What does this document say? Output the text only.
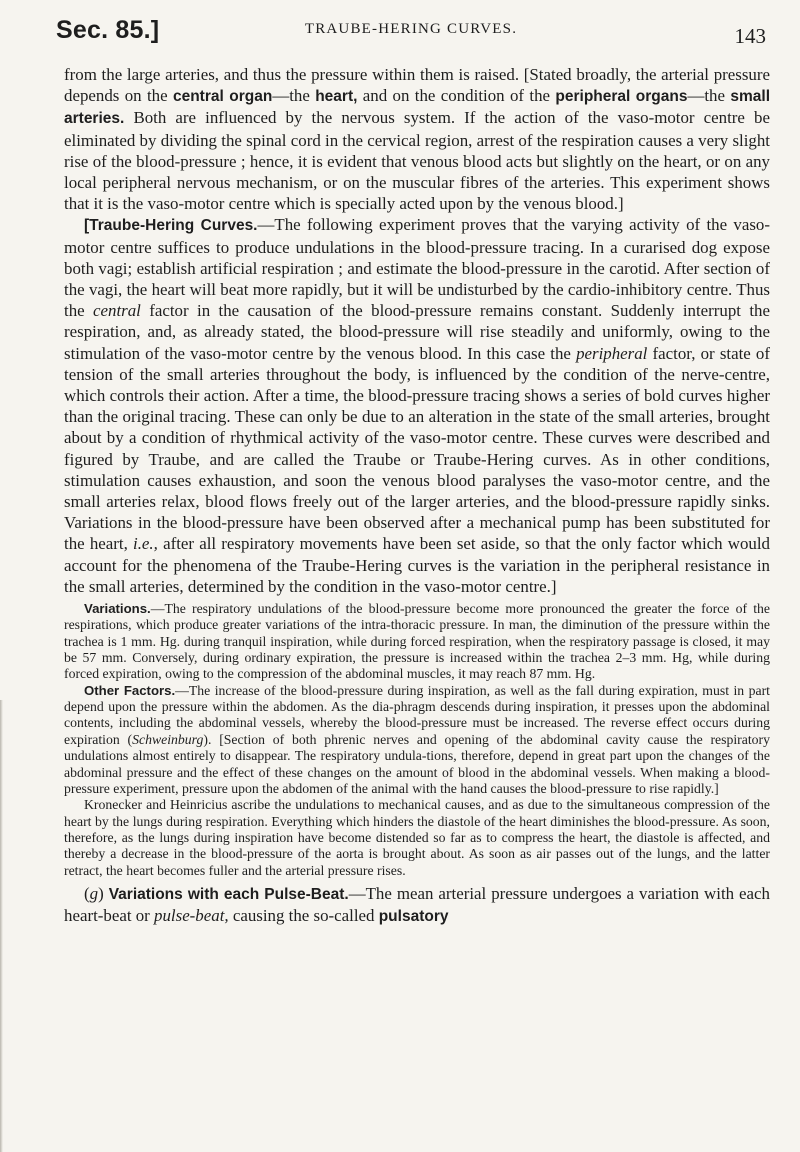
Sec. 85.]	TRAUBE-HERING CURVES.	143

from the large arteries, and thus the pressure within them is raised. [Stated broadly, the arterial pressure depends on the central organ—the heart, and on the condition of the peripheral organs—the small arteries. Both are influenced by the nervous system. If the action of the vaso-motor centre be eliminated by dividing the spinal cord in the cervical region, arrest of the respiration causes a very slight rise of the blood-pressure ; hence, it is evident that venous blood acts but slightly on the heart, or on any local peripheral nervous mechanism, or on the muscular fibres of the arteries. This experiment shows that it is the vaso-motor centre which is specially acted upon by the venous blood.]

[Traube-Hering Curves.—The following experiment proves that the varying activity of the vaso-motor centre suffices to produce undulations in the blood-pressure tracing. In a curarised dog expose both vagi; establish artificial respiration ; and estimate the blood-pressure in the carotid. After section of the vagi, the heart will beat more rapidly, but it will be undisturbed by the cardio-inhibitory centre. Thus the central factor in the causation of the blood-pressure remains constant. Suddenly interrupt the respiration, and, as already stated, the blood-pressure will rise steadily and uniformly, owing to the stimulation of the vaso-motor centre by the venous blood. In this case the peripheral factor, or state of tension of the small arteries throughout the body, is influenced by the condition of the nerve-centre, which controls their action. After a time, the blood-pressure tracing shows a series of bold curves higher than the original tracing. These can only be due to an alteration in the state of the small arteries, brought about by a condition of rhythmical activity of the vaso-motor centre. These curves were described and figured by Traube, and are called the Traube or Traube-Hering curves. As in other conditions, stimulation causes exhaustion, and soon the venous blood paralyses the vaso-motor centre, and the small arteries relax, blood flows freely out of the larger arteries, and the blood-pressure rapidly sinks. Variations in the blood-pressure have been observed after a mechanical pump has been substituted for the heart, i.e., after all respiratory movements have been set aside, so that the only factor which would account for the phenomena of the Traube-Hering curves is the variation in the peripheral resistance in the small arteries, determined by the condition in the vaso-motor centre.]

Variations.—The respiratory undulations of the blood-pressure become more pronounced the greater the force of the respirations, which produce greater variations of the intra-thoracic pressure. In man, the diminution of the pressure within the trachea is 1 mm. Hg. during tranquil inspiration, while during forced respiration, when the respiratory passage is closed, it may be 57 mm. Conversely, during ordinary expiration, the pressure is increased within the trachea 2–3 mm. Hg, while during forced expiration, owing to the compression of the abdominal muscles, it may reach 87 mm. Hg.

Other Factors.—The increase of the blood-pressure during inspiration, as well as the fall during expiration, must in part depend upon the pressure within the abdomen. As the dia-phragm descends during inspiration, it presses upon the abdominal contents, including the abdominal vessels, whereby the blood-pressure must be increased. The reverse effect occurs during expiration (Schweinburg). [Section of both phrenic nerves and opening of the abdominal cavity cause the respiratory undulations almost entirely to disappear. The respiratory undula-tions, therefore, depend in great part upon the changes of the abdominal pressure and the effect of these changes on the amount of blood in the abdominal vessels. When making a blood-pressure experiment, pressure upon the abdomen of the animal with the hand causes the blood-pressure to rise rapidly.]

Kronecker and Heinricius ascribe the undulations to mechanical causes, and as due to the simultaneous compression of the heart by the lungs during respiration. Everything which hinders the diastole of the heart diminishes the blood-pressure. As soon, therefore, as the lungs during inspiration have become distended so far as to compress the heart, the diastole is affected, and thereby a decrease in the blood-pressure of the aorta is brought about. As soon as air passes out of the lungs, and the latter retract, the heart becomes fuller and the arterial pressure rises.

(g) Variations with each Pulse-Beat.—The mean arterial pressure undergoes a variation with each heart-beat or pulse-beat, causing the so-called pulsatory
